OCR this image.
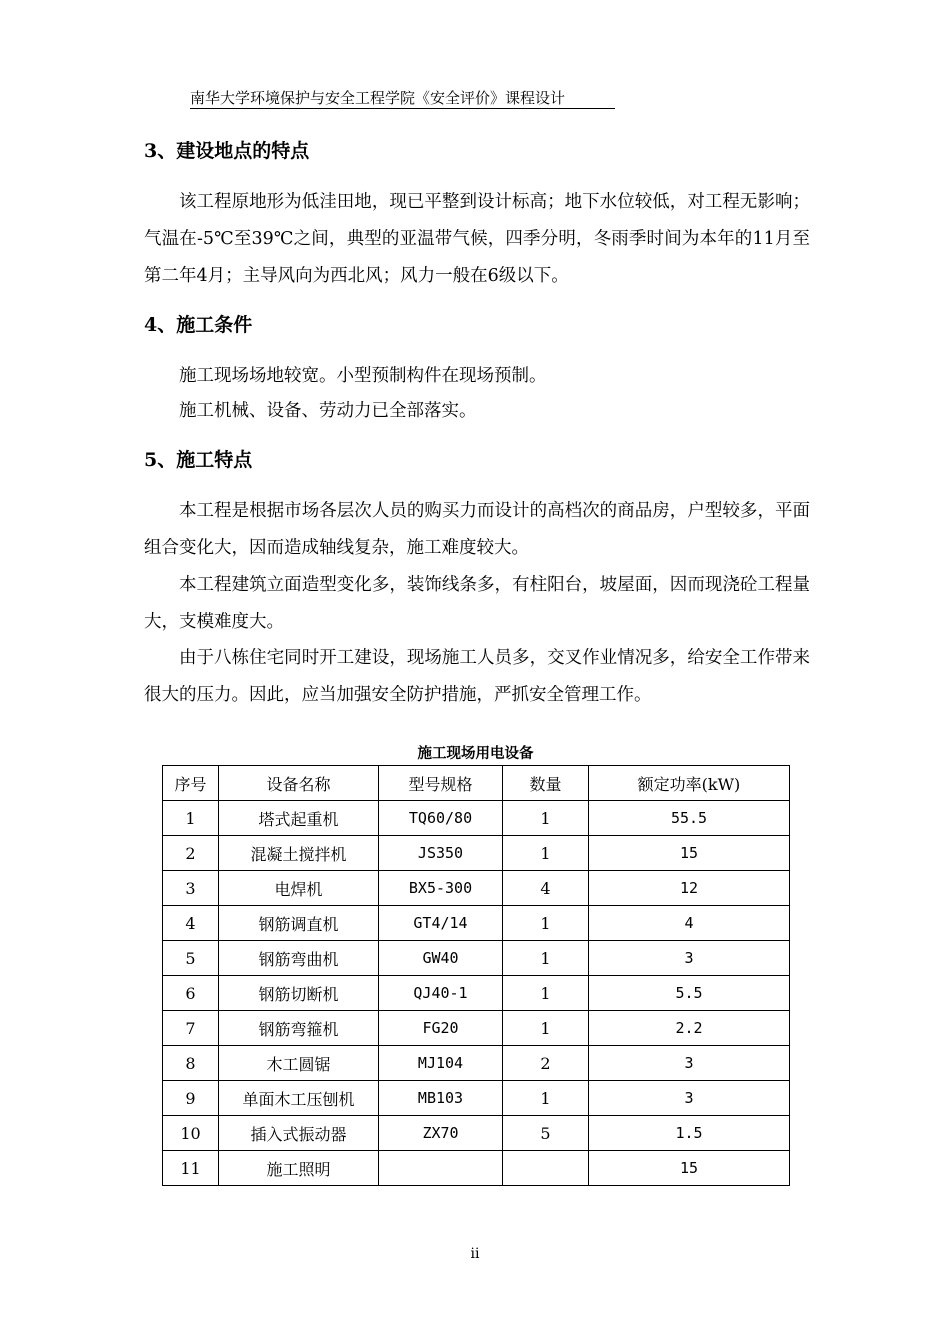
南华大学环境保护与安全工程学院《安全评价》课程设计
3、建设地点的特点

该工程原地形为低洼田地，现已平整到设计标高；地下水位较低，对工程无影响；气温在-5℃至39℃之间，典型的亚温带气候，四季分明，冬雨季时间为本年的11月至第二年4月；主导风向为西北风；风力一般在6级以下。

4、施工条件

施工现场场地较宽。小型预制构件在现场预制。

施工机械、设备、劳动力已全部落实。

5、施工特点

本工程是根据市场各层次人员的购买力而设计的高档次的商品房，户型较多，平面组合变化大，因而造成轴线复杂，施工难度较大。

本工程建筑立面造型变化多，装饰线条多，有柱阳台，坡屋面，因而现浇砼工程量大，支模难度大。

由于八栋住宅同时开工建设，现场施工人员多，交叉作业情况多，给安全工作带来很大的压力。因此，应当加强安全防护措施，严抓安全管理工作。

施工现场用电设备
序号	设备名称	型号规格	数量	额定功率(kW)
1	塔式起重机	TQ60/80	1	55.5
2	混凝土搅拌机	JS350	1	15
3	电焊机	BX5-300	4	12
4	钢筋调直机	GT4/14	1	4
5	钢筋弯曲机	GW40	1	3
6	钢筋切断机	QJ40-1	1	5.5
7	钢筋弯箍机	FG20	1	2.2
8	木工圆锯	MJ104	2	3
9	单面木工压刨机	MB103	1	3
10	插入式振动器	ZX70	5	1.5
11	施工照明			15
ii
